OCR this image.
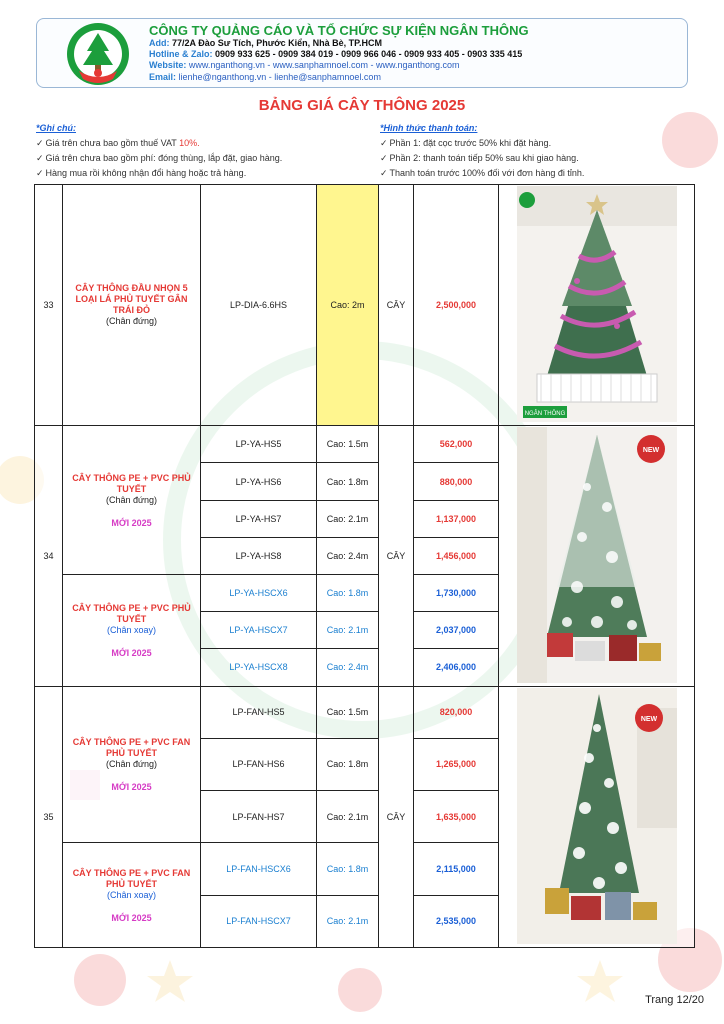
CÔNG TY QUẢNG CÁO VÀ TỔ CHỨC SỰ KIỆN NGÂN THÔNG
Add: 77/2A Đào Sư Tích, Phước Kiển, Nhà Bè, TP.HCM
Hotline & Zalo: 0909 933 625 - 0909 384 019 - 0909 966 046 - 0909 933 405 - 0903 335 415
Website: www.nganthong.vn - www.sanphamnoel.com - www.nganthong.com
Email: lienhe@nganthong.vn - lienhe@sanphamnoel.com
BẢNG GIÁ CÂY THÔNG 2025
*Ghi chú:
✓ Giá trên chưa bao gồm thuế VAT 10%.
✓ Giá trên chưa bao gồm phí: đóng thùng, lắp đặt, giao hàng.
✓ Hàng mua rồi không nhận đổi hàng hoặc trả hàng.
*Hình thức thanh toán:
✓ Phần 1: đặt cọc trước 50% khi đặt hàng.
✓ Phần 2: thanh toán tiếp 50% sau khi giao hàng.
✓ Thanh toán trước 100% đối với đơn hàng đi tỉnh.
33	CÂY THÔNG ĐẦU NHỌN 5 LOẠI LÁ PHỦ TUYẾT GÂN TRÁI ĐỎ
(Chân đứng)	LP-DIA-6.6HS	Cao: 2m	CÂY	2,500,000	NGÂN THÔNG

34	CÂY THÔNG PE + PVC PHỦ TUYẾT
(Chân đứng)
MỚI 2025	LP-YA-HS5	Cao: 1.5m	CÂY	562,000	NEW

		LP-YA-HS6	Cao: 1.8m		880,000	
		LP-YA-HS7	Cao: 2.1m		1,137,000	
		LP-YA-HS8	Cao: 2.4m		1,456,000	

	CÂY THÔNG PE + PVC PHỦ TUYẾT
(Chân xoay)
MỚI 2025	LP-YA-HSCX6	Cao: 1.8m		1,730,000	
		LP-YA-HSCX7	Cao: 2.1m		2,037,000	
		LP-YA-HSCX8	Cao: 2.4m		2,406,000	
35	CÂY THÔNG PE + PVC FAN PHỦ TUYẾT
(Chân đứng)
MỚI 2025	LP-FAN-HS5	Cao: 1.5m	CÂY	820,000	NEW

		LP-FAN-HS6	Cao: 1.8m		1,265,000	
		LP-FAN-HS7	Cao: 2.1m		1,635,000	

	CÂY THÔNG PE + PVC FAN PHỦ TUYẾT
(Chân xoay)
MỚI 2025	LP-FAN-HSCX6	Cao: 1.8m		2,115,000	
		LP-FAN-HSCX7	Cao: 2.1m		2,535,000	
Trang 12/20
